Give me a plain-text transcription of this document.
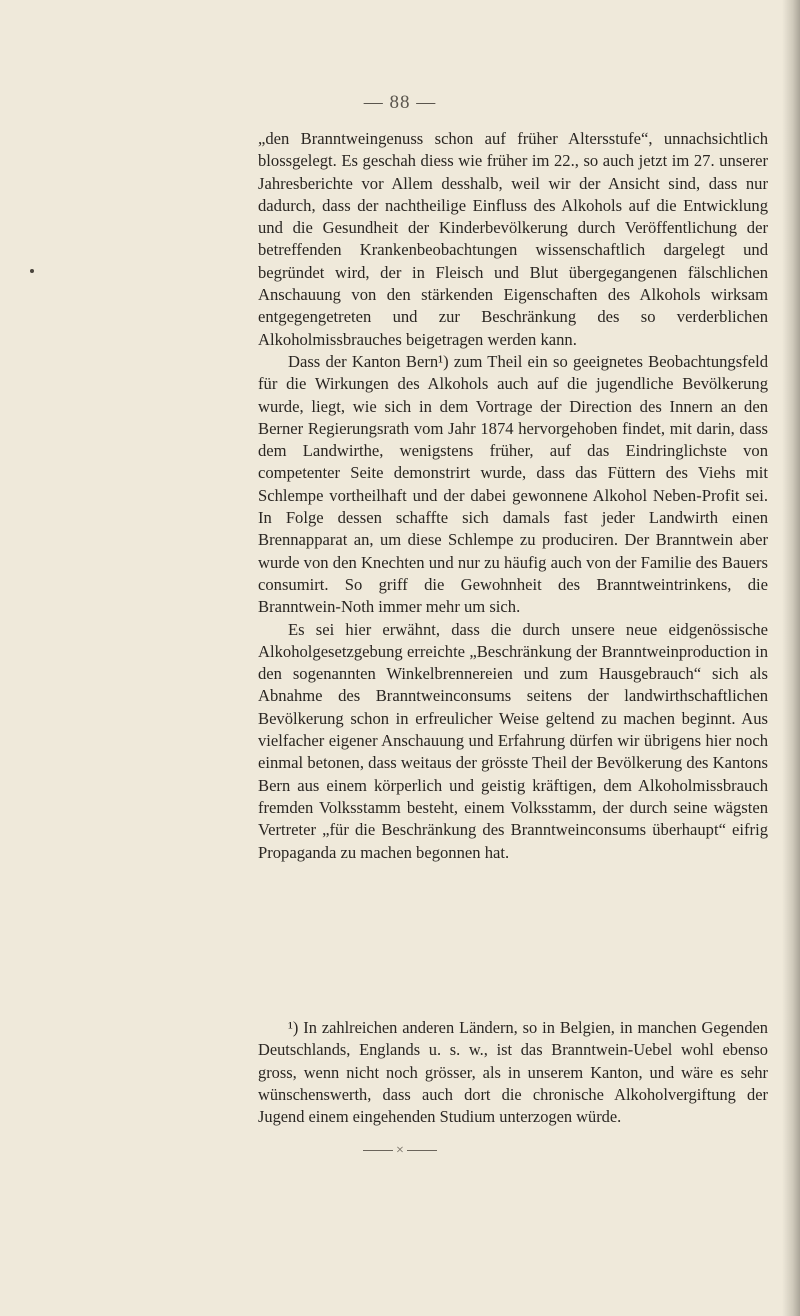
— 88 —

„den Branntweingenuss schon auf früher Altersstufe“, unnachsichtlich blossgelegt. Es geschah diess wie früher im 22., so auch jetzt im 27. unserer Jahresberichte vor Allem desshalb, weil wir der Ansicht sind, dass nur dadurch, dass der nachtheilige Einfluss des Alkohols auf die Entwicklung und die Gesundheit der Kinderbevölkerung durch Veröffentlichung der betreffenden Krankenbeobachtungen wissenschaftlich dargelegt und begründet wird, der in Fleisch und Blut übergegangenen fälschlichen Anschauung von den stärkenden Eigenschaften des Alkohols wirksam entgegengetreten und zur Beschränkung des so verderblichen Alkoholmissbrauches beigetragen werden kann.

Dass der Kanton Bern¹) zum Theil ein so geeignetes Beobachtungsfeld für die Wirkungen des Alkohols auch auf die jugendliche Bevölkerung wurde, liegt, wie sich in dem Vortrage der Direction des Innern an den Berner Regierungsrath vom Jahr 1874 hervorgehoben findet, mit darin, dass dem Landwirthe, wenigstens früher, auf das Eindringlichste von competenter Seite demonstrirt wurde, dass das Füttern des Viehs mit Schlempe vortheilhaft und der dabei gewonnene Alkohol Neben-Profit sei. In Folge dessen schaffte sich damals fast jeder Landwirth einen Brennapparat an, um diese Schlempe zu produciren. Der Branntwein aber wurde von den Knechten und nur zu häufig auch von der Familie des Bauers consumirt. So griff die Gewohnheit des Branntweintrinkens, die Branntwein-Noth immer mehr um sich.

Es sei hier erwähnt, dass die durch unsere neue eidgenössische Alkoholgesetzgebung erreichte „Beschränkung der Branntweinproduction in den sogenannten Winkelbrennereien und zum Hausgebrauch“ sich als Abnahme des Branntweinconsums seitens der landwirthschaftlichen Bevölkerung schon in erfreulicher Weise geltend zu machen beginnt. Aus vielfacher eigener Anschauung und Erfahrung dürfen wir übrigens hier noch einmal betonen, dass weitaus der grösste Theil der Bevölkerung des Kantons Bern aus einem körperlich und geistig kräftigen, dem Alkoholmissbrauch fremden Volksstamm besteht, einem Volksstamm, der durch seine wägsten Vertreter „für die Beschränkung des Branntweinconsums überhaupt“ eifrig Propaganda zu machen begonnen hat.

¹) In zahlreichen anderen Ländern, so in Belgien, in manchen Gegenden Deutschlands, Englands u. s. w., ist das Branntwein-Uebel wohl ebenso gross, wenn nicht noch grösser, als in unserem Kanton, und wäre es sehr wünschenswerth, dass auch dort die chronische Alkoholvergiftung der Jugend einem eingehenden Studium unterzogen würde.

×
